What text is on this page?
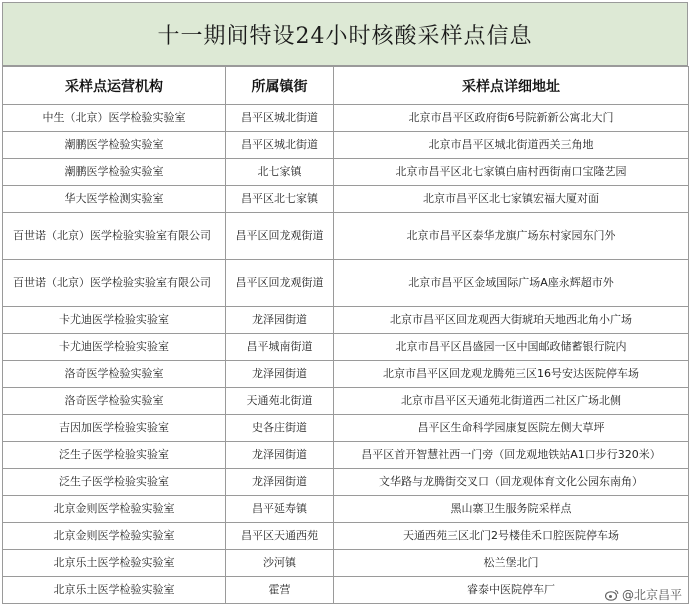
十一期间特设24小时核酸采样点信息
采样点运营机构	所属镇街	采样点详细地址
中生（北京）医学检验实验室	昌平区城北街道	北京市昌平区政府街6号院新新公寓北大门
潮鹏医学检验实验室	昌平区城北街道	北京市昌平区城北街道西关三角地
潮鹏医学检验实验室	北七家镇	北京市昌平区北七家镇白庙村西街南口宝隆艺园
华大医学检测实验室	昌平区北七家镇	北京市昌平区北七家镇宏福大厦对面
百世诺（北京）医学检验实验室有限公司	昌平区回龙观街道	北京市昌平区泰华龙旗广场东村家园东门外
百世诺（北京）医学检验实验室有限公司	昌平区回龙观街道	北京市昌平区金域国际广场A座永辉超市外
卡尤迪医学检验实验室	龙泽园街道	北京市昌平区回龙观西大街琥珀天地西北角小广场
卡尤迪医学检验实验室	昌平城南街道	北京市昌平区昌盛园一区中国邮政储蓄银行院内
洛奇医学检验实验室	龙泽园街道	北京市昌平区回龙观龙腾苑三区16号安达医院停车场
洛奇医学检验实验室	天通苑北街道	北京市昌平区天通苑北街道西二社区广场北侧
吉因加医学检验实验室	史各庄街道	昌平区生命科学园康复医院左侧大草坪
泛生子医学检验实验室	龙泽园街道	昌平区首开智慧社西一门旁（回龙观地铁站A1口步行320米）
泛生子医学检验实验室	龙泽园街道	文华路与龙腾街交叉口（回龙观体育文化公园东南角）
北京金则医学检验实验室	昌平延寿镇	黑山寨卫生服务院采样点
北京金则医学检验实验室	昌平区天通西苑	天通西苑三区北门2号楼佳禾口腔医院停车场
北京乐土医学检验实验室	沙河镇	松兰堡北门
北京乐土医学检验实验室	霍营	睿泰中医院停车厂	@北京昌平
